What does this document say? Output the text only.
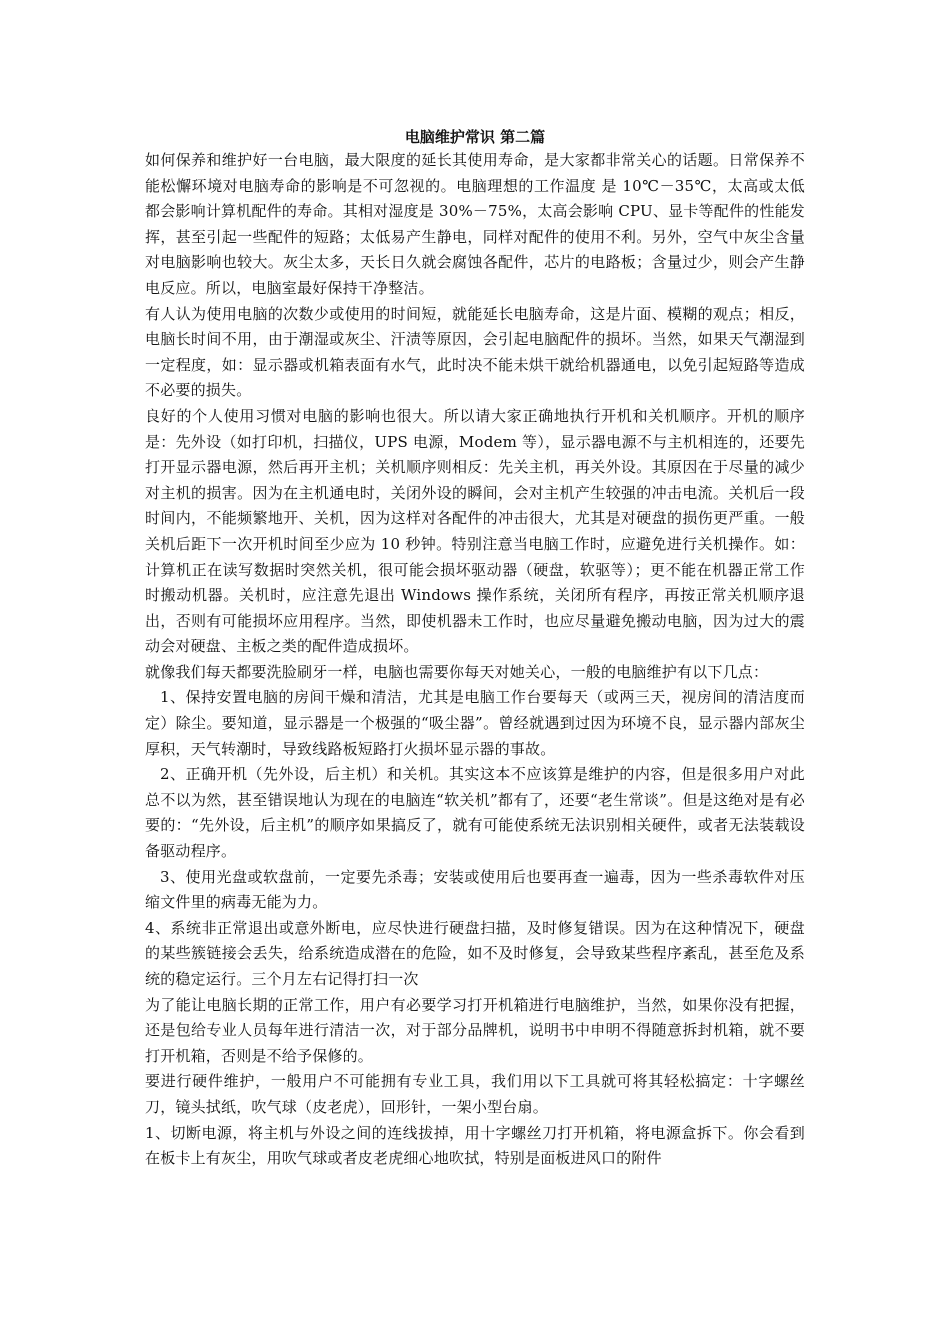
电脑维护常识 第二篇

如何保养和维护好一台电脑，最大限度的延长其使用寿命，是大家都非常关心的话题。日常保养不能松懈环境对电脑寿命的影响是不可忽视的。电脑理想的工作温度 是 10℃－35℃，太高或太低都会影响计算机配件的寿命。其相对湿度是 30%－75%，太高会影响 CPU、显卡等配件的性能发挥，甚至引起一些配件的短路；太低易产生静电，同样对配件的使用不利。另外，空气中灰尘含量对电脑影响也较大。灰尘太多，天长日久就会腐蚀各配件，芯片的电路板；含量过少，则会产生静电反应。所以，电脑室最好保持干净整洁。

有人认为使用电脑的次数少或使用的时间短，就能延长电脑寿命，这是片面、模糊的观点；相反，电脑长时间不用，由于潮湿或灰尘、汗渍等原因，会引起电脑配件的损坏。当然，如果天气潮湿到一定程度，如：显示器或机箱表面有水气，此时决不能未烘干就给机器通电，以免引起短路等造成不必要的损失。

良好的个人使用习惯对电脑的影响也很大。所以请大家正确地执行开机和关机顺序。开机的顺序是：先外设（如打印机，扫描仪，UPS 电源，Modem 等），显示器电源不与主机相连的，还要先打开显示器电源，然后再开主机；关机顺序则相反：先关主机，再关外设。其原因在于尽量的减少对主机的损害。因为在主机通电时，关闭外设的瞬间，会对主机产生较强的冲击电流。关机后一段时间内，不能频繁地开、关机，因为这样对各配件的冲击很大，尤其是对硬盘的损伤更严重。一般关机后距下一次开机时间至少应为 10 秒钟。特别注意当电脑工作时，应避免进行关机操作。如：计算机正在读写数据时突然关机，很可能会损坏驱动器（硬盘，软驱等）；更不能在机器正常工作时搬动机器。关机时，应注意先退出 Windows 操作系统，关闭所有程序，再按正常关机顺序退出，否则有可能损坏应用程序。当然，即使机器未工作时，也应尽量避免搬动电脑，因为过大的震动会对硬盘、主板之类的配件造成损坏。

就像我们每天都要洗脸刷牙一样，电脑也需要你每天对她关心，一般的电脑维护有以下几点：

1、保持安置电脑的房间干燥和清洁，尤其是电脑工作台要每天（或两三天，视房间的清洁度而定）除尘。要知道，显示器是一个极强的“吸尘器”。曾经就遇到过因为环境不良，显示器内部灰尘厚积，天气转潮时，导致线路板短路打火损坏显示器的事故。

2、正确开机（先外设，后主机）和关机。其实这本不应该算是维护的内容，但是很多用户对此总不以为然，甚至错误地认为现在的电脑连“软关机”都有了，还要“老生常谈”。但是这绝对是有必要的：“先外设，后主机”的顺序如果搞反了，就有可能使系统无法识别相关硬件，或者无法装载设备驱动程序。

3、使用光盘或软盘前，一定要先杀毒；安装或使用后也要再查一遍毒，因为一些杀毒软件对压缩文件里的病毒无能为力。

4、系统非正常退出或意外断电，应尽快进行硬盘扫描，及时修复错误。因为在这种情况下，硬盘的某些簇链接会丢失，给系统造成潜在的危险，如不及时修复，会导致某些程序紊乱，甚至危及系统的稳定运行。三个月左右记得打扫一次

为了能让电脑长期的正常工作，用户有必要学习打开机箱进行电脑维护，当然，如果你没有把握，还是包给专业人员每年进行清洁一次，对于部分品牌机，说明书中申明不得随意拆封机箱，就不要打开机箱，否则是不给予保修的。

要进行硬件维护，一般用户不可能拥有专业工具，我们用以下工具就可将其轻松搞定：十字螺丝刀，镜头拭纸，吹气球（皮老虎），回形针，一架小型台扇。

1、切断电源，将主机与外设之间的连线拔掉，用十字螺丝刀打开机箱，将电源盒拆下。你会看到在板卡上有灰尘，用吹气球或者皮老虎细心地吹拭，特别是面板进风口的附件
